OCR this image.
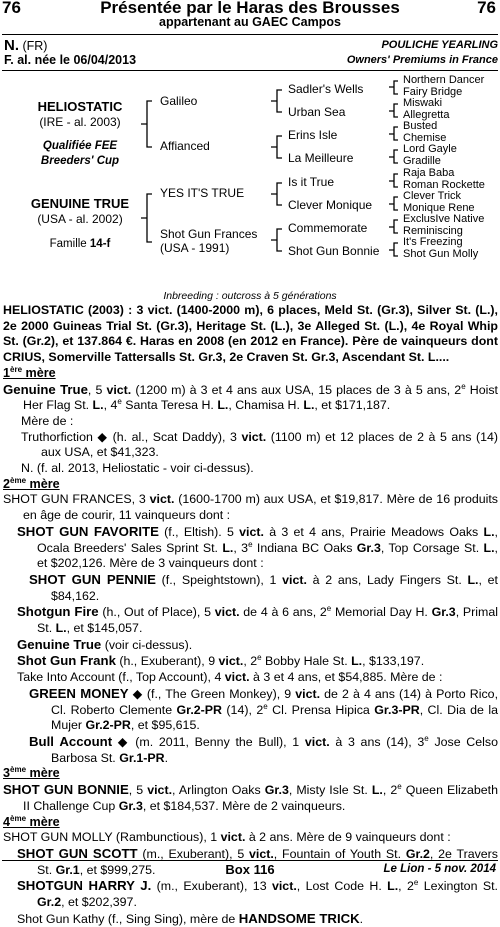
76	Présentée par le Haras des Brousses	76
appartenant au GAEC Campos
N. (FR)	POULICHE YEARLING
F. al. née le 06/04/2013	Owners' Premiums in France
HELIOSTATIC
(IRE - al. 2003)
Qualifiée FEE
Breeders' Cup
GENUINE TRUE
(USA - al. 2002)
Famille 14-f
Galileo
Affianced
YES IT'S TRUE
Shot Gun Frances
(USA - 1991)
Sadler's Wells
Urban Sea
Erins Isle
La Meilleure
Is it True
Clever Monique
Commemorate
Shot Gun Bonnie
Northern Dancer
Fairy Bridge
Miswaki
Allegretta
Busted
Chemise
Lord Gayle
Gradille
Raja Baba
Roman Rockette
Clever Trick
Monique Rene
ExclusIve Native
Reminiscing
It's Freezing
Shot Gun Molly
Inbreeding : outcross à 5 générations
HELIOSTATIC (2003) : 3 vict. (1400-2000 m), 6 places, Meld St. (Gr.3), Silver St. (L.), 2e 2000 Guineas Trial St. (Gr.3), Heritage St. (L.), 3e Alleged St. (L.), 4e Royal Whip St. (Gr.2), et 137.864 €. Haras en 2008 (en 2012 en France). Père de vainqueurs dont CRIUS, Somerville Tattersalls St. Gr.3, 2e Craven St. Gr.3, Ascendant St. L....
1ère mère
Genuine True, 5 vict. (1200 m) à 3 et 4 ans aux USA, 15 places de 3 à 5 ans, 2e Hoist Her Flag St. L., 4e Santa Teresa H. L., Chamisa H. L., et $171,187.
Mère de :
Truthorfiction ◆ (h. al., Scat Daddy), 3 vict. (1100 m) et 12 places de 2 à 5 ans (14) aux USA, et $41,323.
N. (f. al. 2013, Heliostatic - voir ci-dessus).
2ème mère
SHOT GUN FRANCES, 3 vict. (1600-1700 m) aux USA, et $19,817. Mère de 16 produits en âge de courir, 11 vainqueurs dont :
SHOT GUN FAVORITE (f., Eltish). 5 vict. à 3 et 4 ans, Prairie Meadows Oaks L., Ocala Breeders' Sales Sprint St. L., 3e Indiana BC Oaks Gr.3, Top Corsage St. L., et $202,126. Mère de 3 vainqueurs dont :
SHOT GUN PENNIE (f., Speightstown), 1 vict. à 2 ans, Lady Fingers St. L., et $84,162.
Shotgun Fire (h., Out of Place), 5 vict. de 4 à 6 ans, 2e Memorial Day H. Gr.3, Primal St. L., et $145,057.
Genuine True (voir ci-dessus).
Shot Gun Frank (h., Exuberant), 9 vict., 2e Bobby Hale St. L., $133,197.
Take Into Account (f., Top Account), 4 vict. à 3 et 4 ans, et $54,885. Mère de :
GREEN MONEY ◆ (f., The Green Monkey), 9 vict. de 2 à 4 ans (14) à Porto Rico, Cl. Roberto Clemente Gr.2-PR (14), 2e Cl. Prensa Hipica Gr.3-PR, Cl. Dia de la Mujer Gr.2-PR, et $95,615.
Bull Account ◆ (m. 2011, Benny the Bull), 1 vict. à 3 ans (14), 3e Jose Celso Barbosa St. Gr.1-PR.
3ème mère
SHOT GUN BONNIE, 5 vict., Arlington Oaks Gr.3, Misty Isle St. L., 2e Queen Elizabeth II Challenge Cup Gr.3, et $184,537. Mère de 2 vainqueurs.
4ème mère
SHOT GUN MOLLY (Rambunctious), 1 vict. à 2 ans. Mère de 9 vainqueurs dont :
SHOT GUN SCOTT (m., Exuberant), 5 vict., Fountain of Youth St. Gr.2, 2e Travers St. Gr.1, et $999,275.
SHOTGUN HARRY J. (m., Exuberant), 13 vict., Lost Code H. L., 2e Lexington St. Gr.2, et $202,397.
Shot Gun Kathy (f., Sing Sing), mère de HANDSOME TRICK.
Box 116	Le Lion - 5 nov. 2014
